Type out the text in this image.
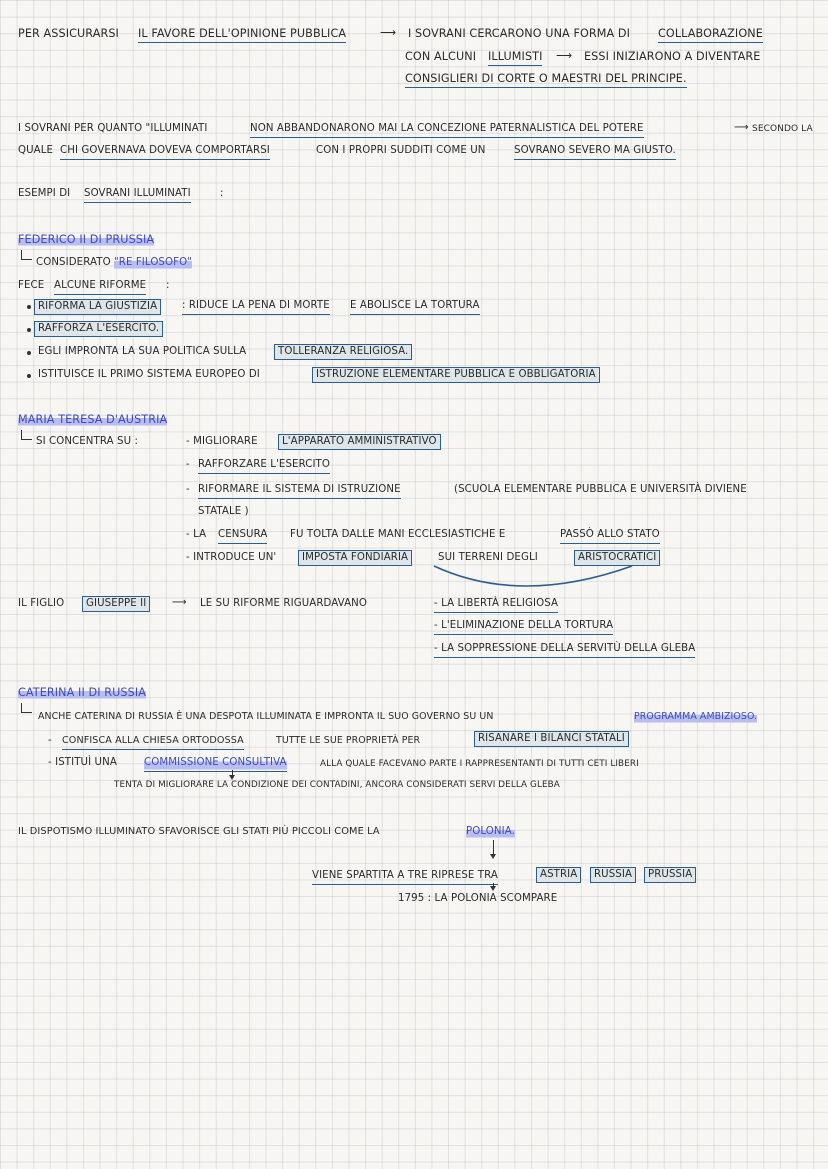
PER ASSICURARSI IL FAVORE DELL'OPINIONE PUBBLICA	⟶ I SOVRANI CERCARONO UNA FORMA DI COLLABORAZIONE
CON ALCUNI ILLUMISTI ⟶ ESSI INIZIARONO A DIVENTARE
CONSIGLIERI DI CORTE O MAESTRI DEL PRINCIPE.
I SOVRANI PER QUANTO "ILLUMINATI	NON ABBANDONARONO MAI LA CONCEZIONE PATERNALISTICA DEL POTERE	⟶ SECONDO LA
QUALE CHI GOVERNAVA DOVEVA COMPORTARSI	CON I PROPRI SUDDITI COME UN	SOVRANO SEVERO MA GIUSTO.
ESEMPI DI SOVRANI ILLUMINATI	:
FEDERICO II DI PRUSSIA
CONSIDERATO "RE FILOSOFO"
FECE ALCUNE RIFORME :
RIFORMA LA GIUSTIZIA	: RIDUCE LA PENA DI MORTE E ABOLISCE LA TORTURA
RAFFORZA L'ESERCITO.
EGLI IMPRONTA LA SUA POLITICA SULLA	TOLLERANZA RELIGIOSA.
ISTITUISCE IL PRIMO SISTEMA EUROPEO DI	ISTRUZIONE ELEMENTARE PUBBLICA E OBBLIGATORIA
MARIA TERESA D'AUSTRIA
SI CONCENTRA SU :	- MIGLIORARE	L'APPARATO AMMINISTRATIVO
- RAFFORZARE L'ESERCITO
- RIFORMARE IL SISTEMA DI ISTRUZIONE	(SCUOLA ELEMENTARE PUBBLICA E UNIVERSITÀ DIVIENE
STATALE )
- LA CENSURA FU TOLTA DALLE MANI ECCLESIASTICHE E	PASSÒ ALLO STATO
- INTRODUCE UN'	IMPOSTA FONDIARIA	SUI TERRENI DEGLI	ARISTOCRATICI
IL FIGLIO	GIUSEPPE II	⟶ LE SU RIFORME RIGUARDAVANO	- LA LIBERTÀ RELIGIOSA
- L'ELIMINAZIONE DELLA TORTURA
- LA SOPPRESSIONE DELLA SERVITÙ DELLA GLEBA
CATERINA II DI RUSSIA
ANCHE CATERINA DI RUSSIA È UNA DESPOTA ILLUMINATA E IMPRONTA IL SUO GOVERNO SU UN	PROGRAMMA AMBIZIOSO.
- CONFISCA ALLA CHIESA ORTODOSSA	TUTTE LE SUE PROPRIETÀ PER	RISANARE I BILANCI STATALI
- ISTITUÌ UNA	COMMISSIONE CONSULTIVA	ALLA QUALE FACEVANO PARTE I RAPPRESENTANTI DI TUTTI CETI LIBERI
TENTA DI MIGLIORARE LA CONDIZIONE DEI CONTADINI, ANCORA CONSIDERATI SERVI DELLA GLEBA
IL DISPOTISMO ILLUMINATO SFAVORISCE GLI STATI PIÙ PICCOLI COME LA	POLONIA.
VIENE SPARTITA A TRE RIPRESE TRA	ASTRIA	RUSSIA	PRUSSIA
1795 : LA POLONIA SCOMPARE
